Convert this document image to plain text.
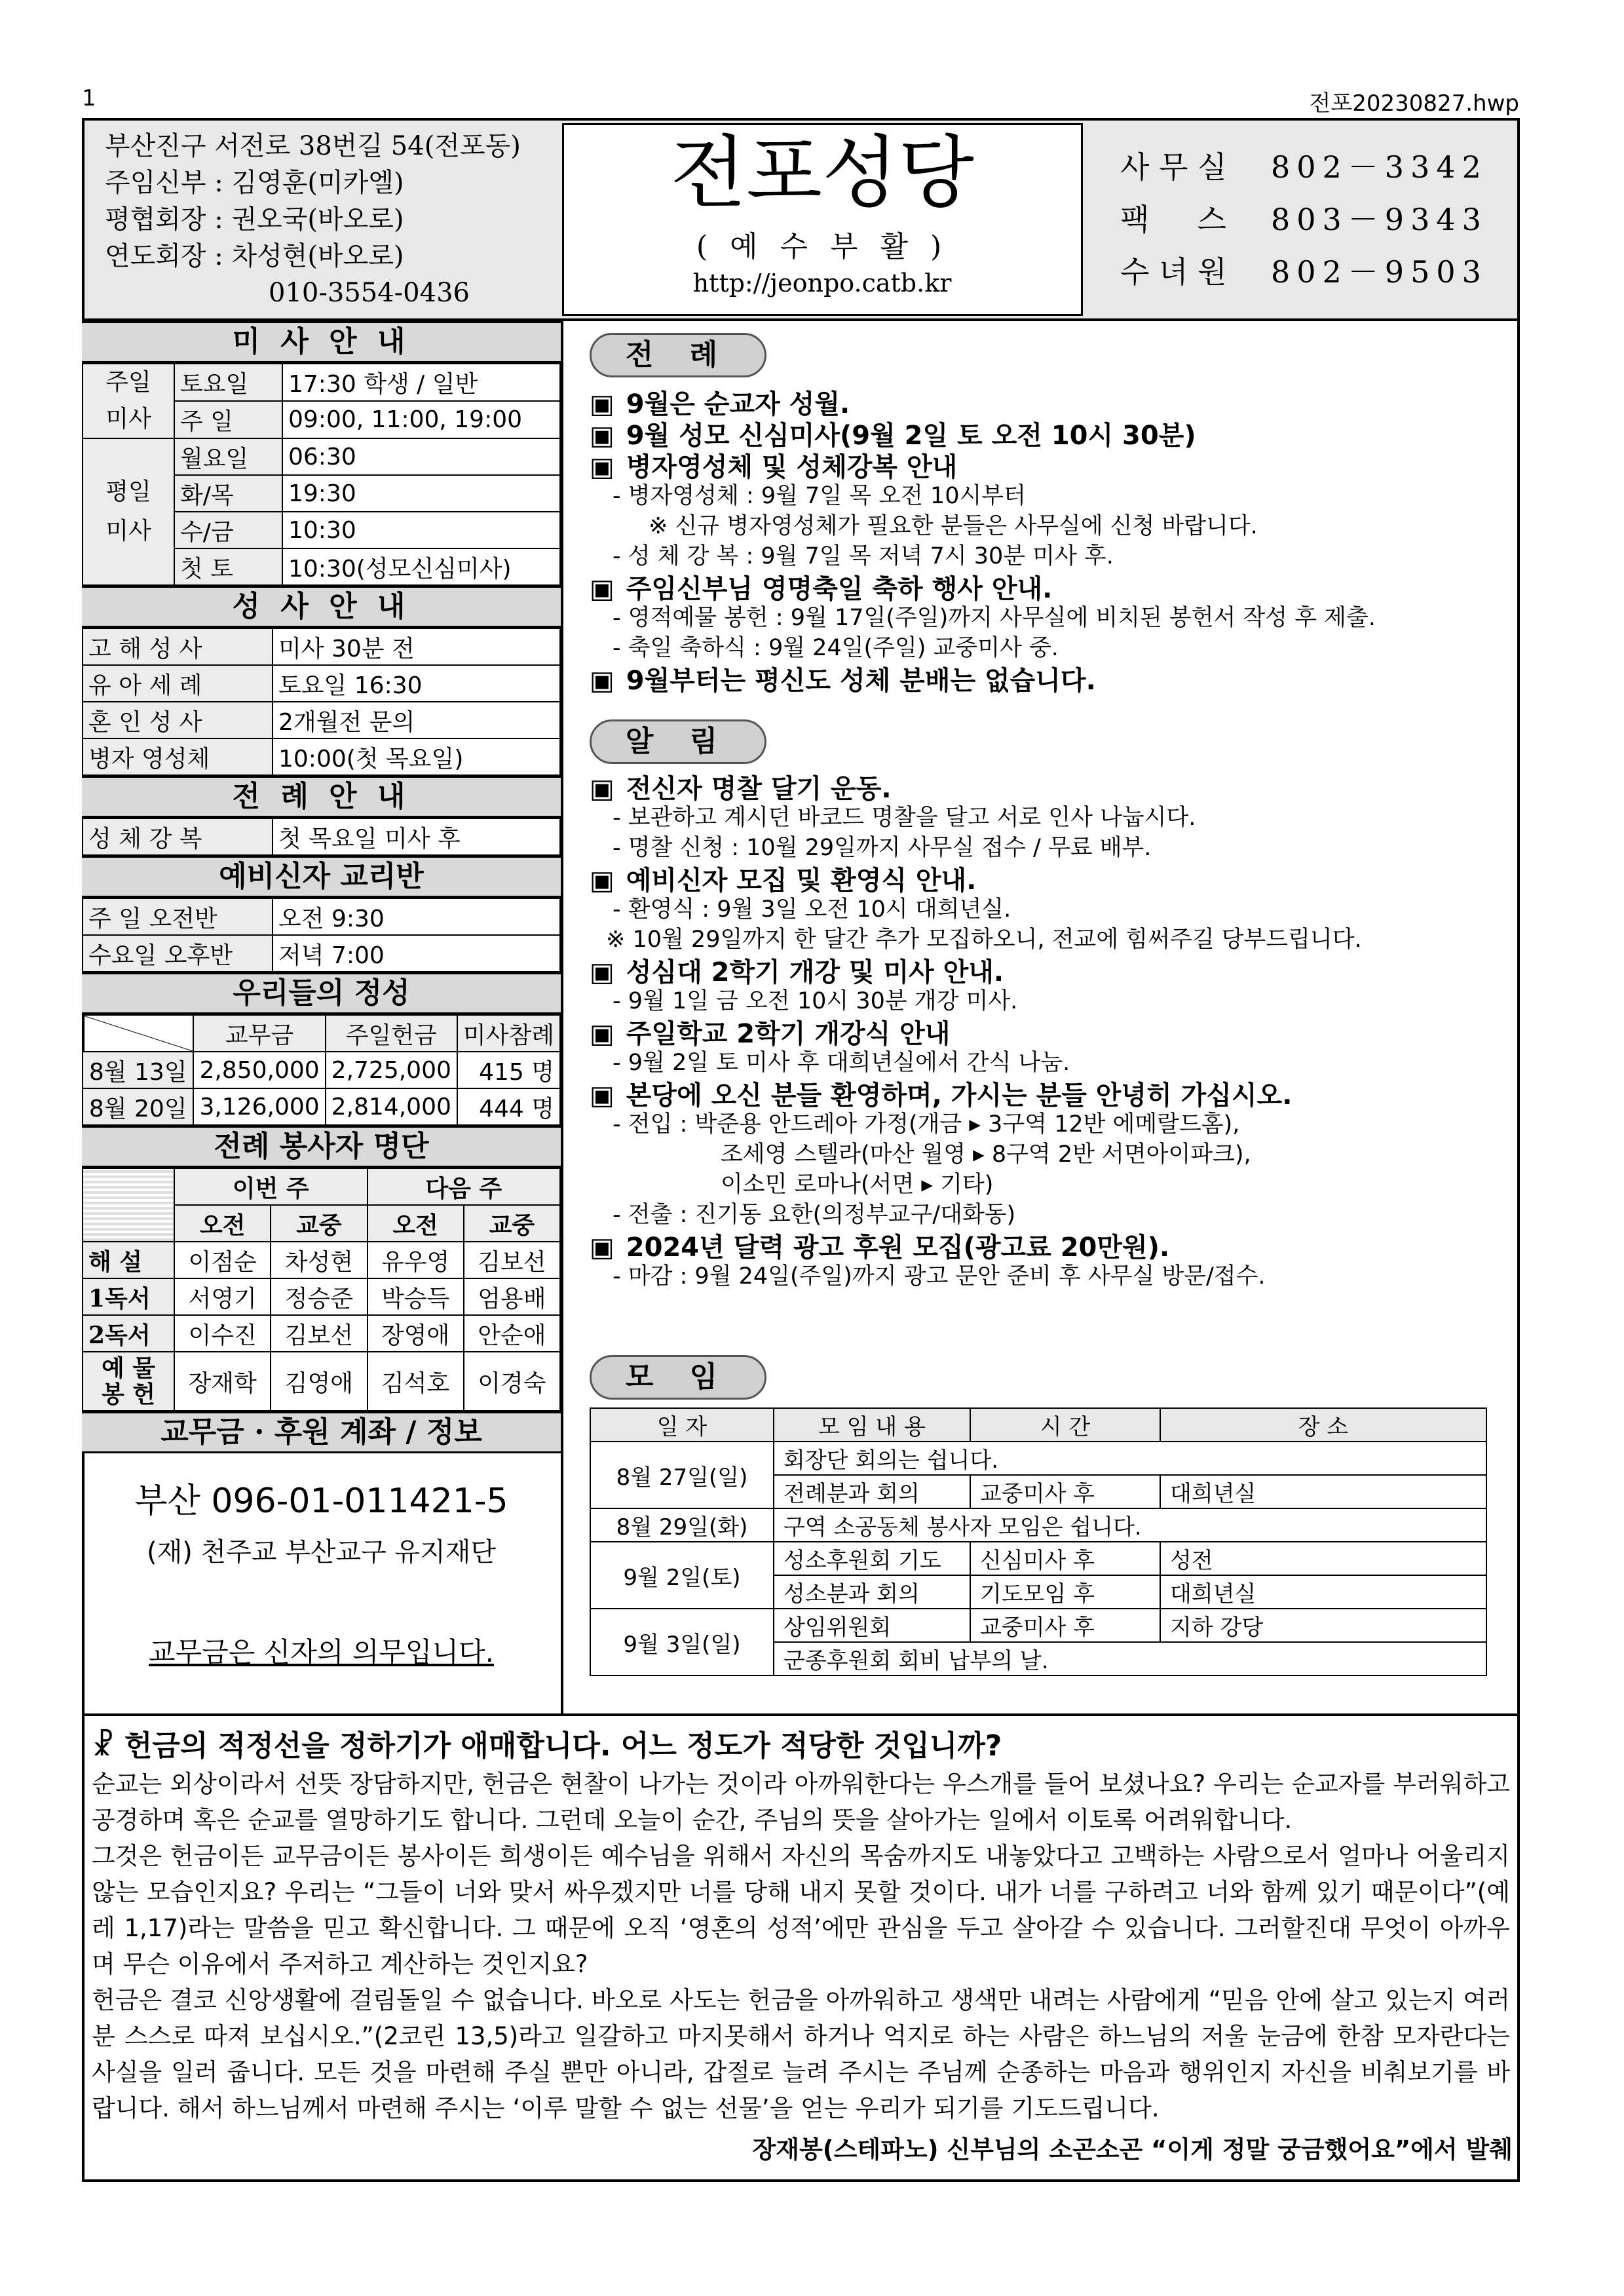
1	전포20230827.hwp
부산진구 서전로 38번길 54(전포동)
주임신부 : 김영훈(미카엘)
평협회장 : 권오국(바오로)
연도회장 : 차성현(바오로)
010-3554-0436
전포성당
( 예 수 부 활 )
http://jeonpo.catb.kr
사 무 실 802－3342
팩     스 803－9343
수 녀 원 802－9503
미 사 안 내
주일
미사	토요일	17:30 학생 / 일반
	주 일	09:00, 11:00, 19:00
평일
미사	월요일	06:30
	화/목	19:30
	수/금	10:30
	첫 토	10:30(성모신심미사)
성 사 안 내
고 해 성 사	미사 30분 전
유 아 세 례	토요일 16:30
혼 인 성 사	2개월전 문의
병자 영성체	10:00(첫 목요일)
전 례 안 내
성 체 강 복	첫 목요일 미사 후
예비신자 교리반
주 일 오전반	오전 9:30
수요일 오후반	저녁 7:00
우리들의 정성
	교무금	주일헌금	미사참례
8월 13일	2,850,000	2,725,000	415 명
8월 20일	3,126,000	2,814,000	444 명
전례 봉사자 명단
	이번 주		다음 주	
	오전	교중	오전	교중
해 설	이점순	차성현	유우영	김보선
1독서	서영기	정승준	박승득	엄용배
2독서	이수진	김보선	장영애	안순애
예 물 봉 헌	장재학	김영애	김석호	이경숙
교무금 · 후원 계좌 / 정보
부산 096-01-011421-5
(재) 천주교 부산교구 유지재단
교무금은 신자의 의무입니다.
전 례
▣ 9월은 순교자 성월.
▣ 9월 성모 신심미사(9월 2일 토 오전 10시 30분)
▣ 병자영성체 및 성체강복 안내
- 병자영성체 : 9월 7일 목 오전 10시부터
※ 신규 병자영성체가 필요한 분들은 사무실에 신청 바랍니다.
- 성 체 강 복 : 9월 7일 목 저녁 7시 30분 미사 후.
▣ 주임신부님 영명축일 축하 행사 안내.
- 영적예물 봉헌 : 9월 17일(주일)까지 사무실에 비치된 봉헌서 작성 후 제출.
- 축일 축하식 : 9월 24일(주일) 교중미사 중.
▣ 9월부터는 평신도 성체 분배는 없습니다.
알 림
▣ 전신자 명찰 달기 운동.
- 보관하고 계시던 바코드 명찰을 달고 서로 인사 나눕시다.
- 명찰 신청 : 10월 29일까지 사무실 접수 / 무료 배부.
▣ 예비신자 모집 및 환영식 안내.
- 환영식 : 9월 3일 오전 10시 대희년실.
※ 10월 29일까지 한 달간 추가 모집하오니, 전교에 힘써주길 당부드립니다.
▣ 성심대 2학기 개강 및 미사 안내.
- 9월 1일 금 오전 10시 30분 개강 미사.
▣ 주일학교 2학기 개강식 안내
- 9월 2일 토 미사 후 대희년실에서 간식 나눔.
▣ 본당에 오신 분들 환영하며, 가시는 분들 안녕히 가십시오.
- 전입 : 박준용 안드레아 가정(개금 ▸ 3구역 12반 에메랄드홈),
조세영 스텔라(마산 월영 ▸ 8구역 2반 서면아이파크),
이소민 로마나(서면 ▸ 기타)
- 전출 : 진기동 요한(의정부교구/대화동)
▣ 2024년 달력 광고 후원 모집(광고료 20만원).
- 마감 : 9월 24일(주일)까지 광고 문안 준비 후 사무실 방문/접수.
모 임
일 자	모 임 내 용	시 간	장 소
8월 27일(일)	회장단 회의는 쉽니다.		
	전례분과 회의	교중미사 후	대희년실
8월 29일(화)	구역 소공동체 봉사자 모임은 쉽니다.		
9월 2일(토)	성소후원회 기도	신심미사 후	성전
	성소분과 회의	기도모임 후	대희년실
9월 3일(일)	상임위원회	교중미사 후	지하 강당
	군종후원회 회비 납부의 날.		
☧ 헌금의 적정선을 정하기가 애매합니다. 어느 정도가 적당한 것입니까?
순교는 외상이라서 선뜻 장담하지만, 헌금은 현찰이 나가는 것이라 아까워한다는 우스개를 들어 보셨나요? 우리는 순교자를 부러워하고 공경하며 혹은 순교를 열망하기도 합니다. 그런데 오늘이 순간, 주님의 뜻을 살아가는 일에서 이토록 어려워합니다.
그것은 헌금이든 교무금이든 봉사이든 희생이든 예수님을 위해서 자신의 목숨까지도 내놓았다고 고백하는 사람으로서 얼마나 어울리지 않는 모습인지요? 우리는 “그들이 너와 맞서 싸우겠지만 너를 당해 내지 못할 것이다. 내가 너를 구하려고 너와 함께 있기 때문이다”(예레 1,17)라는 말씀을 믿고 확신합니다. 그 때문에 오직 ‘영혼의 성적’에만 관심을 두고 살아갈 수 있습니다. 그러할진대 무엇이 아까우며 무슨 이유에서 주저하고 계산하는 것인지요?
헌금은 결코 신앙생활에 걸림돌일 수 없습니다. 바오로 사도는 헌금을 아까워하고 생색만 내려는 사람에게 “믿음 안에 살고 있는지 여러분 스스로 따져 보십시오.”(2코린 13,5)라고 일갈하고 마지못해서 하거나 억지로 하는 사람은 하느님의 저울 눈금에 한참 모자란다는 사실을 일러 줍니다. 모든 것을 마련해 주실 뿐만 아니라, 갑절로 늘려 주시는 주님께 순종하는 마음과 행위인지 자신을 비춰보기를 바랍니다. 해서 하느님께서 마련해 주시는 ‘이루 말할 수 없는 선물’을 얻는 우리가 되기를 기도드립니다.
장재봉(스테파노) 신부님의 소곤소곤 “이게 정말 궁금했어요”에서 발췌
